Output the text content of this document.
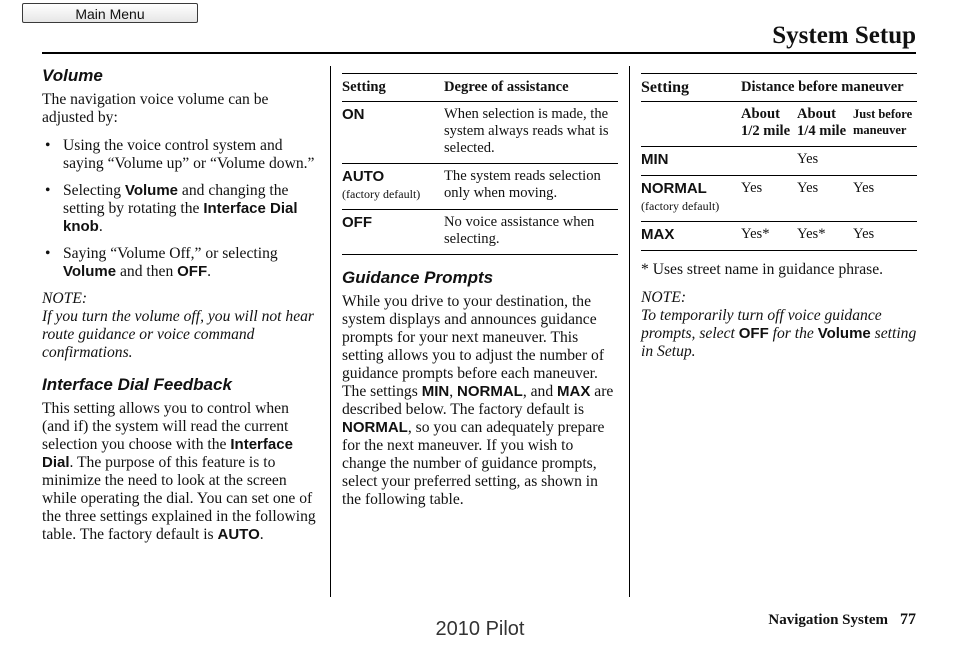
Main Menu
System Setup
Volume

The navigation voice volume can be adjusted by:

• Using the voice control system and saying “Volume up” or “Volume down.”
• Selecting Volume and changing the setting by rotating the Interface Dial knob.
• Saying “Volume Off,” or selecting Volume and then OFF.
NOTE:

If you turn the volume off, you will not hear route guidance or voice command confirmations.

Interface Dial Feedback

This setting allows you to control when (and if) the system will read the current selection you choose with the Interface Dial. The purpose of this feature is to minimize the need to look at the screen while operating the dial. You can set one of the three settings explained in the following table. The factory default is AUTO.

Setting	Degree of assistance
ON	When selection is made, the system always reads what is selected.
AUTO
(factory default)	The system reads selection only when moving.
OFF	No voice assistance when selecting.
Guidance Prompts

While you drive to your destination, the system displays and announces guidance prompts for your next maneuver. This setting allows you to adjust the number of guidance prompts before each maneuver. The settings MIN, NORMAL, and MAX are described below. The factory default is NORMAL, so you can adequately prepare for the next maneuver. If you wish to change the number of guidance prompts, select your preferred setting, as shown in the following table.

Setting	Distance before maneuver		
	About 1/2 mile	About 1/4 mile	Just before maneuver
MIN		Yes	
NORMAL
(factory default)	Yes	Yes	Yes
MAX	Yes*	Yes*	Yes

* Uses street name in guidance phrase.

NOTE:

To temporarily turn off voice guidance prompts, select OFF for the Volume setting in Setup.

Navigation System 77
2010 Pilot
